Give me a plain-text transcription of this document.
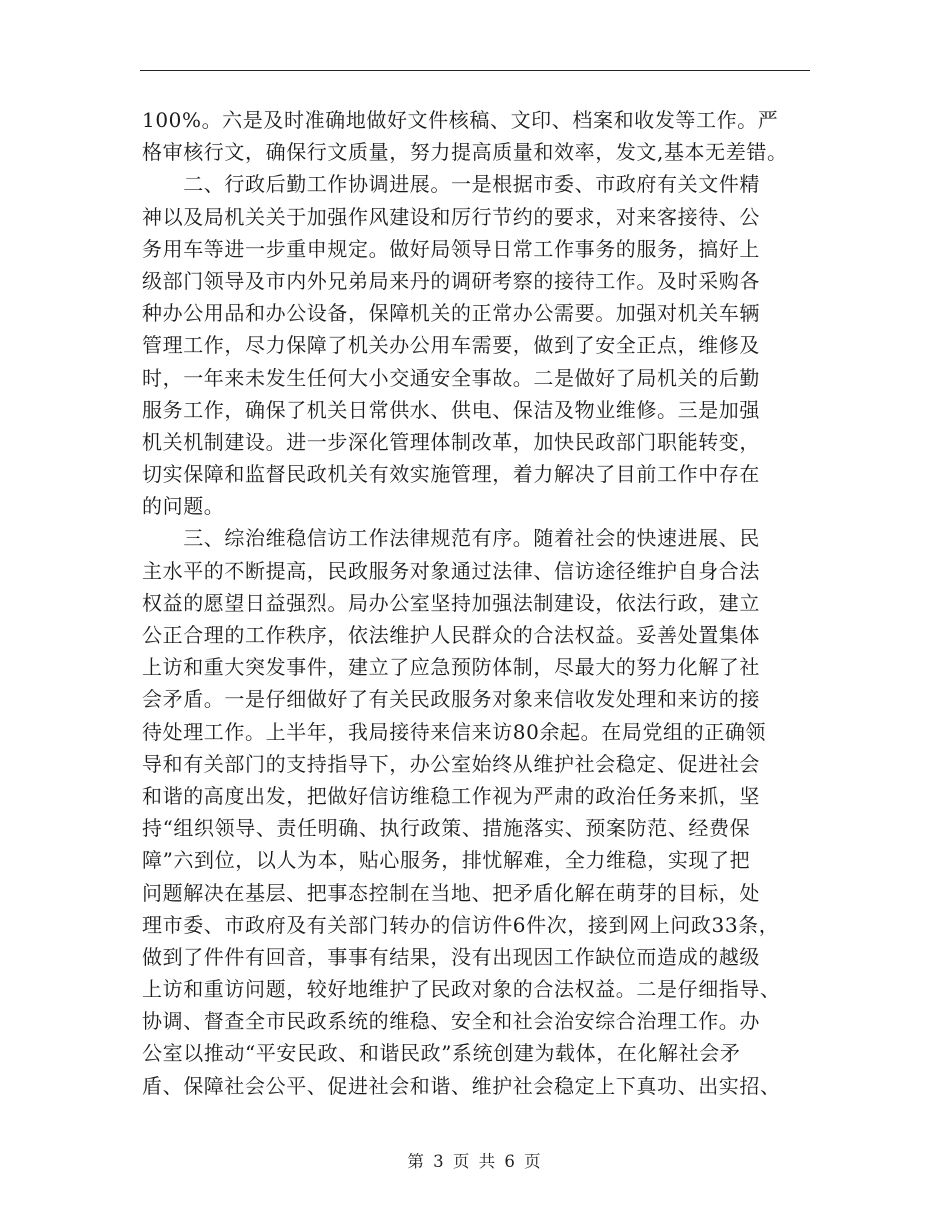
100%。六是及时准确地做好文件核稿、文印、档案和收发等工作。严
格审核行文，确保行文质量，努力提高质量和效率，发文,基本无差错。
　　二、行政后勤工作协调进展。一是根据市委、市政府有关文件精
神以及局机关关于加强作风建设和厉行节约的要求，对来客接待、公
务用车等进一步重申规定。做好局领导日常工作事务的服务，搞好上
级部门领导及市内外兄弟局来丹的调研考察的接待工作。及时采购各
种办公用品和办公设备，保障机关的正常办公需要。加强对机关车辆
管理工作，尽力保障了机关办公用车需要，做到了安全正点，维修及
时，一年来未发生任何大小交通安全事故。二是做好了局机关的后勤
服务工作，确保了机关日常供水、供电、保洁及物业维修。三是加强
机关机制建设。进一步深化管理体制改革，加快民政部门职能转变，
切实保障和监督民政机关有效实施管理，着力解决了目前工作中存在
的问题。
　　三、综治维稳信访工作法律规范有序。随着社会的快速进展、民
主水平的不断提高，民政服务对象通过法律、信访途径维护自身合法
权益的愿望日益强烈。局办公室坚持加强法制建设，依法行政，建立
公正合理的工作秩序，依法维护人民群众的合法权益。妥善处置集体
上访和重大突发事件，建立了应急预防体制，尽最大的努力化解了社
会矛盾。一是仔细做好了有关民政服务对象来信收发处理和来访的接
待处理工作。上半年，我局接待来信来访80余起。在局党组的正确领
导和有关部门的支持指导下，办公室始终从维护社会稳定、促进社会
和谐的高度出发，把做好信访维稳工作视为严肃的政治任务来抓，坚
持“组织领导、责任明确、执行政策、措施落实、预案防范、经费保
障”六到位，以人为本，贴心服务，排忧解难，全力维稳，实现了把
问题解决在基层、把事态控制在当地、把矛盾化解在萌芽的目标，处
理市委、市政府及有关部门转办的信访件6件次，接到网上问政33条，
做到了件件有回音，事事有结果，没有出现因工作缺位而造成的越级
上访和重访问题，较好地维护了民政对象的合法权益。二是仔细指导、
协调、督查全市民政系统的维稳、安全和社会治安综合治理工作。办
公室以推动“平安民政、和谐民政”系统创建为载体，在化解社会矛
盾、保障社会公平、促进社会和谐、维护社会稳定上下真功、出实招、
第 3 页 共 6 页
